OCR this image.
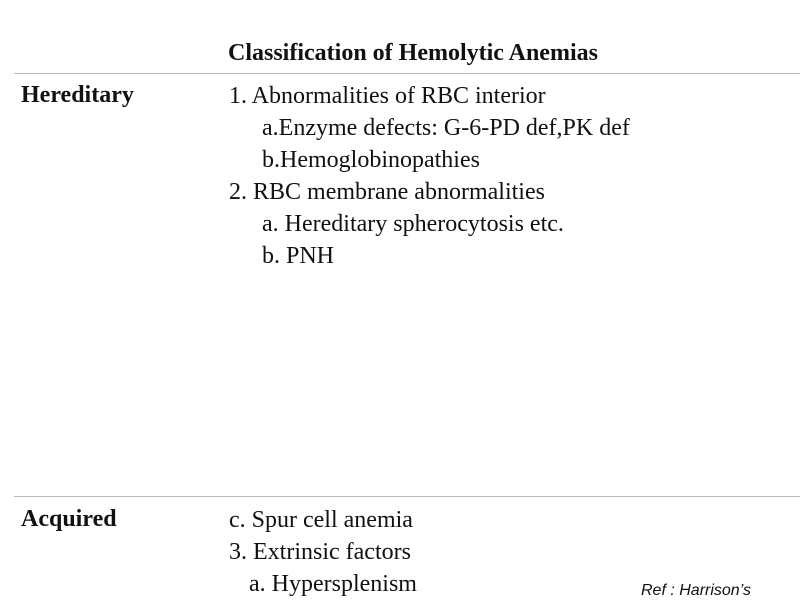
Classification of Hemolytic Anemias
Hereditary	1. Abnormalities of RBC interior
a.Enzyme defects: G-6-PD def,PK def
b.Hemoglobinopathies
2. RBC membrane abnormalities
a. Hereditary spherocytosis etc.
b. PNH
Acquired	c. Spur cell anemia
3. Extrinsic factors
a. Hypersplenism	Ref : Harrison’s
